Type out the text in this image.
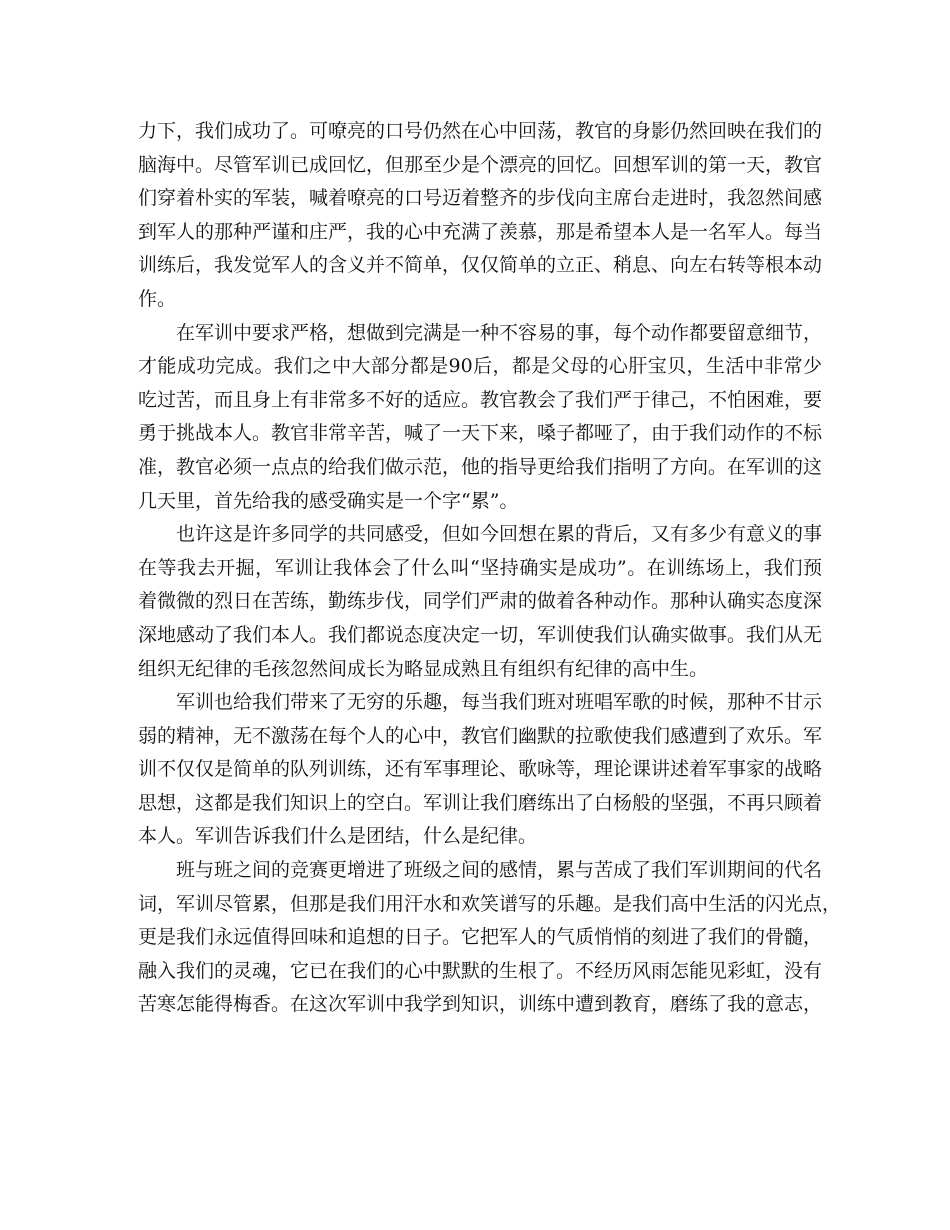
力下，我们成功了。可嘹亮的口号仍然在心中回荡，教官的身影仍然回映在我们的
脑海中。尽管军训已成回忆，但那至少是个漂亮的回忆。回想军训的第一天，教官
们穿着朴实的军装，喊着嘹亮的口号迈着整齐的步伐向主席台走进时，我忽然间感
到军人的那种严谨和庄严，我的心中充满了羡慕，那是希望本人是一名军人。每当
训练后，我发觉军人的含义并不简单，仅仅简单的立正、稍息、向左右转等根本动
作。
在军训中要求严格，想做到完满是一种不容易的事，每个动作都要留意细节，
才能成功完成。我们之中大部分都是90后，都是父母的心肝宝贝，生活中非常少
吃过苦，而且身上有非常多不好的适应。教官教会了我们严于律己，不怕困难，要
勇于挑战本人。教官非常辛苦，喊了一天下来，嗓子都哑了，由于我们动作的不标
准，教官必须一点点的给我们做示范，他的指导更给我们指明了方向。在军训的这
几天里，首先给我的感受确实是一个字“累”。
也许这是许多同学的共同感受，但如今回想在累的背后，又有多少有意义的事
在等我去开掘，军训让我体会了什么叫“坚持确实是成功”。在训练场上，我们预
着微微的烈日在苦练，勤练步伐，同学们严肃的做着各种动作。那种认确实态度深
深地感动了我们本人。我们都说态度决定一切，军训使我们认确实做事。我们从无
组织无纪律的毛孩忽然间成长为略显成熟且有组织有纪律的高中生。
军训也给我们带来了无穷的乐趣，每当我们班对班唱军歌的时候，那种不甘示
弱的精神，无不激荡在每个人的心中，教官们幽默的拉歌使我们感遭到了欢乐。军
训不仅仅是简单的队列训练，还有军事理论、歌咏等，理论课讲述着军事家的战略
思想，这都是我们知识上的空白。军训让我们磨练出了白杨般的坚强，不再只顾着
本人。军训告诉我们什么是团结，什么是纪律。
班与班之间的竞赛更增进了班级之间的感情，累与苦成了我们军训期间的代名
词，军训尽管累，但那是我们用汗水和欢笑谱写的乐趣。是我们高中生活的闪光点，
更是我们永远值得回味和追想的日子。它把军人的气质悄悄的刻进了我们的骨髓，
融入我们的灵魂，它已在我们的心中默默的生根了。不经历风雨怎能见彩虹，没有
苦寒怎能得梅香。在这次军训中我学到知识，训练中遭到教育，磨练了我的意志，
